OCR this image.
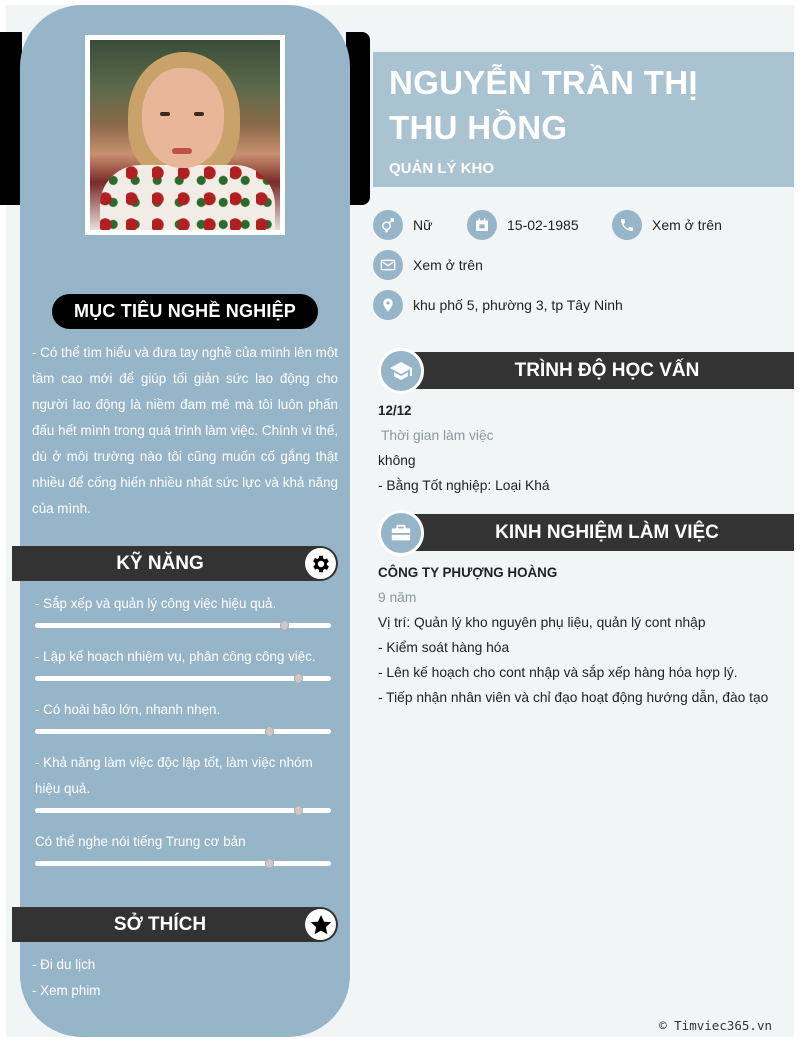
MỤC TIÊU NGHỀ NGHIỆP
- Có thể tìm hiểu và đưa tay nghề của mình lên một tầm cao mới để giúp tối giản sức lao động cho người lao động là niềm đam mê mà tôi luôn phấn đấu hết mình trong quá trình làm việc. Chính vì thế, dù ở môi trường nào tôi cũng muốn cố gắng thật nhiều để cống hiến nhiều nhất sức lực và khả năng của mình.
KỸ NĂNG
- Sắp xếp và quản lý công việc hiệu quả.
- Lập kế hoạch nhiệm vụ, phân công công việc.
- Có hoài bão lớn, nhanh nhẹn.
- Khả năng làm việc độc lập tốt, làm việc nhóm hiệu quả.
Có thể nghe nói tiếng Trung cơ bản
SỞ THÍCH
- Đi du lịch
- Xem phim
NGUYỄN TRẦN THỊ
THU HỒNG
QUẢN LÝ KHO
Nữ	15-02-1985	Xem ở trên
Xem ở trên
khu phố 5, phường 3, tp Tây Ninh
TRÌNH ĐỘ HỌC VẤN
12/12
Thời gian làm việc
không
- Bằng Tốt nghiệp: Loại Khá
KINH NGHIỆM LÀM VIỆC
CÔNG TY PHƯỢNG HOÀNG
9 năm
Vị trí: Quản lý kho nguyên phụ liệu, quản lý cont nhập
- Kiểm soát hàng hóa
- Lên kế hoạch cho cont nhập và sắp xếp hàng hóa hợp lý.
- Tiếp nhận nhân viên và chỉ đạo hoạt động hướng dẫn, đào tạo
© Timviec365.vn
